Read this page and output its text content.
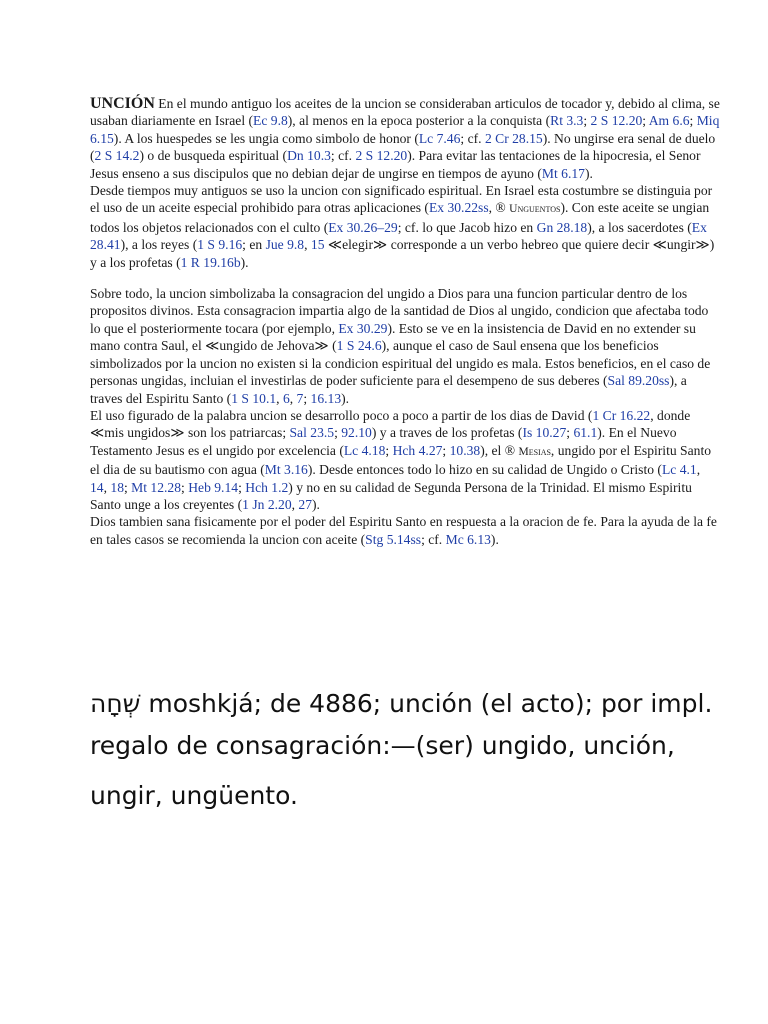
UNCIÓN En el mundo antiguo los aceites de la uncion se consideraban articulos de tocador y, debido al clima, se usaban diariamente en Israel (Ec 9.8), al menos en la epoca posterior a la conquista (Rt 3.3; 2 S 12.20; Am 6.6; Miq 6.15). A los huespedes se les ungia como simbolo de honor (Lc 7.46; cf. 2 Cr 28.15). No ungirse era senal de duelo (2 S 14.2) o de busqueda espiritual (Dn 10.3; cf. 2 S 12.20). Para evitar las tentaciones de la hipocresia, el Senor Jesus enseno a sus discipulos que no debian dejar de ungirse en tiempos de ayuno (Mt 6.17).

Desde tiempos muy antiguos se uso la uncion con significado espiritual. En Israel esta costumbre se distinguia por el uso de un aceite especial prohibido para otras aplicaciones (Ex 30.22ss, ® Unguentos). Con este aceite se ungian todos los objetos relacionados con el culto (Ex 30.26–29; cf. lo que Jacob hizo en Gn 28.18), a los sacerdotes (Ex 28.41), a los reyes (1 S 9.16; en Jue 9.8, 15 ≪elegir≫ corresponde a un verbo hebreo que quiere decir ≪ungir≫) y a los profetas (1 R 19.16b).

Sobre todo, la uncion simbolizaba la consagracion del ungido a Dios para una funcion particular dentro de los propositos divinos. Esta consagracion impartia algo de la santidad de Dios al ungido, condicion que afectaba todo lo que el posteriormente tocara (por ejemplo, Ex 30.29). Esto se ve en la insistencia de David en no extender su mano contra Saul, el ≪ungido de Jehova≫ (1 S 24.6), aunque el caso de Saul ensena que los beneficios simbolizados por la uncion no existen si la condicion espiritual del ungido es mala. Estos beneficios, en el caso de personas ungidas, incluian el investirlas de poder suficiente para el desempeno de sus deberes (Sal 89.20ss), a traves del Espiritu Santo (1 S 10.1, 6, 7; 16.13).

El uso figurado de la palabra uncion se desarrollo poco a poco a partir de los dias de David (1 Cr 16.22, donde ≪mis ungidos≫ son los patriarcas; Sal 23.5; 92.10) y a traves de los profetas (Is 10.27; 61.1). En el Nuevo Testamento Jesus es el ungido por excelencia (Lc 4.18; Hch 4.27; 10.38), el ® Mesias, ungido por el Espiritu Santo el dia de su bautismo con agua (Mt 3.16). Desde entonces todo lo hizo en su calidad de Ungido o Cristo (Lc 4.1, 14, 18; Mt 12.28; Heb 9.14; Hch 1.2) y no en su calidad de Segunda Persona de la Trinidad. El mismo Espiritu Santo unge a los creyentes (1 Jn 2.20, 27).

Dios tambien sana fisicamente por el poder del Espiritu Santo en respuesta a la oracion de fe. Para la ayuda de la fe en tales casos se recomienda la uncion con aceite (Stg 5.14ss; cf. Mc 6.13).

שְׁחָה moshkjá; de 4886; unción (el acto); por impl. regalo de consagración:—(ser) ungido, unción,

ungir, ungüento.
